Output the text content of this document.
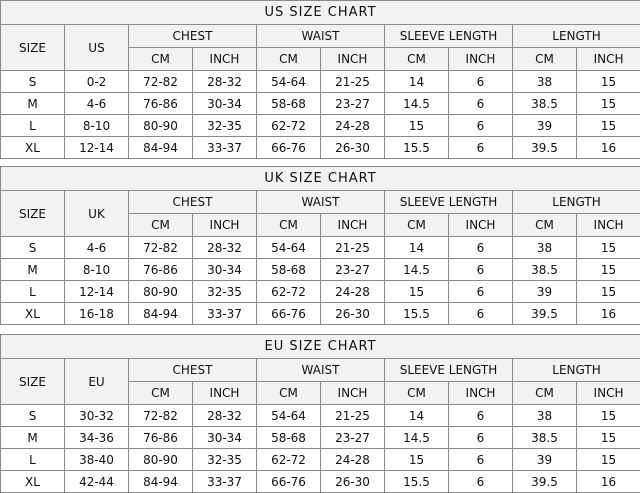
US SIZE CHART									
SIZE	US	CHEST		WAIST		SLEEVE LENGTH		LENGTH	
		CM	INCH	CM	INCH	CM	INCH	CM	INCH
S	0-2	72-82	28-32	54-64	21-25	14	6	38	15
M	4-6	76-86	30-34	58-68	23-27	14.5	6	38.5	15
L	8-10	80-90	32-35	62-72	24-28	15	6	39	15
XL	12-14	84-94	33-37	66-76	26-30	15.5	6	39.5	16
UK SIZE CHART									
SIZE	UK	CHEST		WAIST		SLEEVE LENGTH		LENGTH	
		CM	INCH	CM	INCH	CM	INCH	CM	INCH
S	4-6	72-82	28-32	54-64	21-25	14	6	38	15
M	8-10	76-86	30-34	58-68	23-27	14.5	6	38.5	15
L	12-14	80-90	32-35	62-72	24-28	15	6	39	15
XL	16-18	84-94	33-37	66-76	26-30	15.5	6	39.5	16
EU SIZE CHART									
SIZE	EU	CHEST		WAIST		SLEEVE LENGTH		LENGTH	
		CM	INCH	CM	INCH	CM	INCH	CM	INCH
S	30-32	72-82	28-32	54-64	21-25	14	6	38	15
M	34-36	76-86	30-34	58-68	23-27	14.5	6	38.5	15
L	38-40	80-90	32-35	62-72	24-28	15	6	39	15
XL	42-44	84-94	33-37	66-76	26-30	15.5	6	39.5	16
